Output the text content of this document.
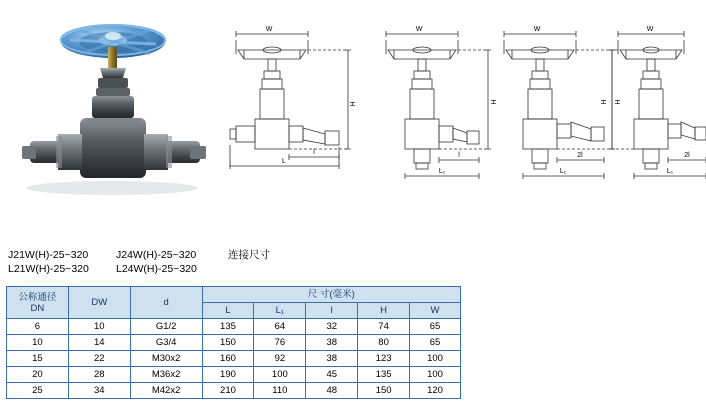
W
H
L
l
W
H
L₁
l
W
H
L₁
2l
W
H
L₁
2l
J21W(H)-25~320	J24W(H)-25~320	连接尺寸
L21W(H)-25~320	L24W(H)-25~320
公称通径
DN	DW	d	尺 寸(毫米)				
			L	L₁	l	H	W
6	10	G1/2	135	64	32	74	65
10	14	G3/4	150	76	38	80	65
15	22	M30x2	160	92	38	123	100
20	28	M36x2	190	100	45	135	100
25	34	M42x2	210	110	48	150	120
